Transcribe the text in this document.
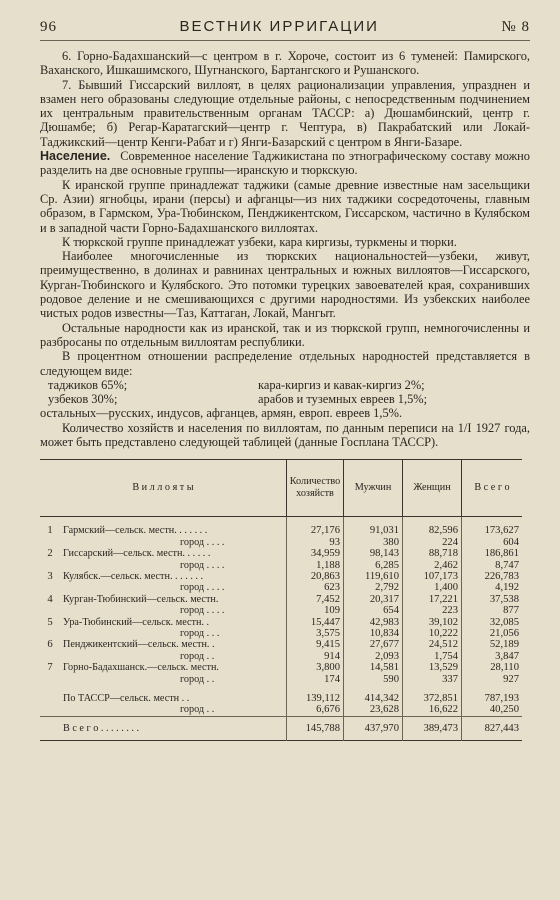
96	ВЕСТНИК ИРРИГАЦИИ	№ 8

6. Горно-Бадахшанский—с центром в г. Хороче, состоит из 6 туменей: Памирского, Ваханского, Ишкашимского, Шугнанского, Бартангского и Рушанского.

7. Бывший Гиссарский виллоят, в целях рационализации управления, упразднен и взамен него образованы следующие отдельные районы, с непосредственным подчинением их центральным правительственным органам ТАССР: а) Дюшамбинский, центр г. Дюшамбе; б) Регар-Каратагский—центр г. Чептура, в) Пакрабатский или Локай-Таджикский—центр Кенги-Рабат и г) Янги-Базарский с центром в Янги-Базаре.

Население. Современное население Таджикистана по этнографическому составу можно разделить на две основные группы—иранскую и тюркскую.

К иранской группе принадлежат таджики (самые древние известные нам засельщики Ср. Азии) ягнобцы, ирани (персы) и афганцы—из них таджики сосредоточены, главным образом, в Гармском, Ура-Тюбинском, Пенджикентском, Гиссарском, частично в Кулябском и в западной части Горно-Бадахшанского виллоятах.

К тюркской группе принадлежат узбеки, кара киргизы, туркмены и тюрки.

Наиболее многочисленные из тюркских национальностей—узбеки, живут, преимущественно, в долинах и равнинах центральных и южных виллоятов—Гиссарского, Курган-Тюбинского и Кулябского. Это потомки турецких завоевателей края, сохранивших родовое деление и не смешивающихся с другими народностями. Из узбекских наиболее чистых родов известны—Таз, Каттаган, Локай, Мангыт.

Остальные народности как из иранской, так и из тюркской групп, немногочисленны и разбросаны по отдельным виллоятам республики.

В процентном отношении распределение отдельных народностей представляется в следующем виде:

таджиков 65%;	кара-киргиз и кавак-киргиз 2%;
узбеков 30%;	арабов и туземных евреев 1,5%;
остальных—русских, индусов, афганцев, армян, европ. евреев 1,5%.

Количество хозяйств и населения по виллоятам, по данным переписи на 1/I 1927 года, может быть представлено следующей таблицей (данные Госплана ТАССР).

В и л л о я т ы		Количество хозяйств	Мужчин	Женщин	В с е г о

1	Гармский—сельск. местн. . . . . . .	27,176	91,031	82,596	173,627
	город . . . .	93	380	224	604
2	Гиссарский—сельск. местн. . . . . .	34,959	98,143	88,718	186,861
	город . . . .	1,188	6,285	2,462	8,747
3	Кулябск.—сельск. местн. . . . . . .	20,863	119,610	107,173	226,783
	город . . . .	623	2,792	1,400	4,192
4	Курган-Тюбинский—сельск. местн.	7,452	20,317	17,221	37,538
	город . . . .	109	654	223	877
5	Ура-Тюбинский—сельск. местн. .	15,447	42,983	39,102	32,085
	город . . .	3,575	10,834	10,222	21,056
6	Пенджикентский—сельск. местн. .	9,415	27,677	24,512	52,189
	город . .	914	2,093	1,754	3,847
7	Горно-Бадахшанск.—сельск. местн.	3,800	14,581	13,529	28,110
	город . .	174	590	337	927

	По ТАССР—сельск. местн . .	139,112	414,342	372,851	787,193
	город . .	6,676	23,628	16,622	40,250
	В с е г о . . . . . . . .	145,788	437,970	389,473	827,443
